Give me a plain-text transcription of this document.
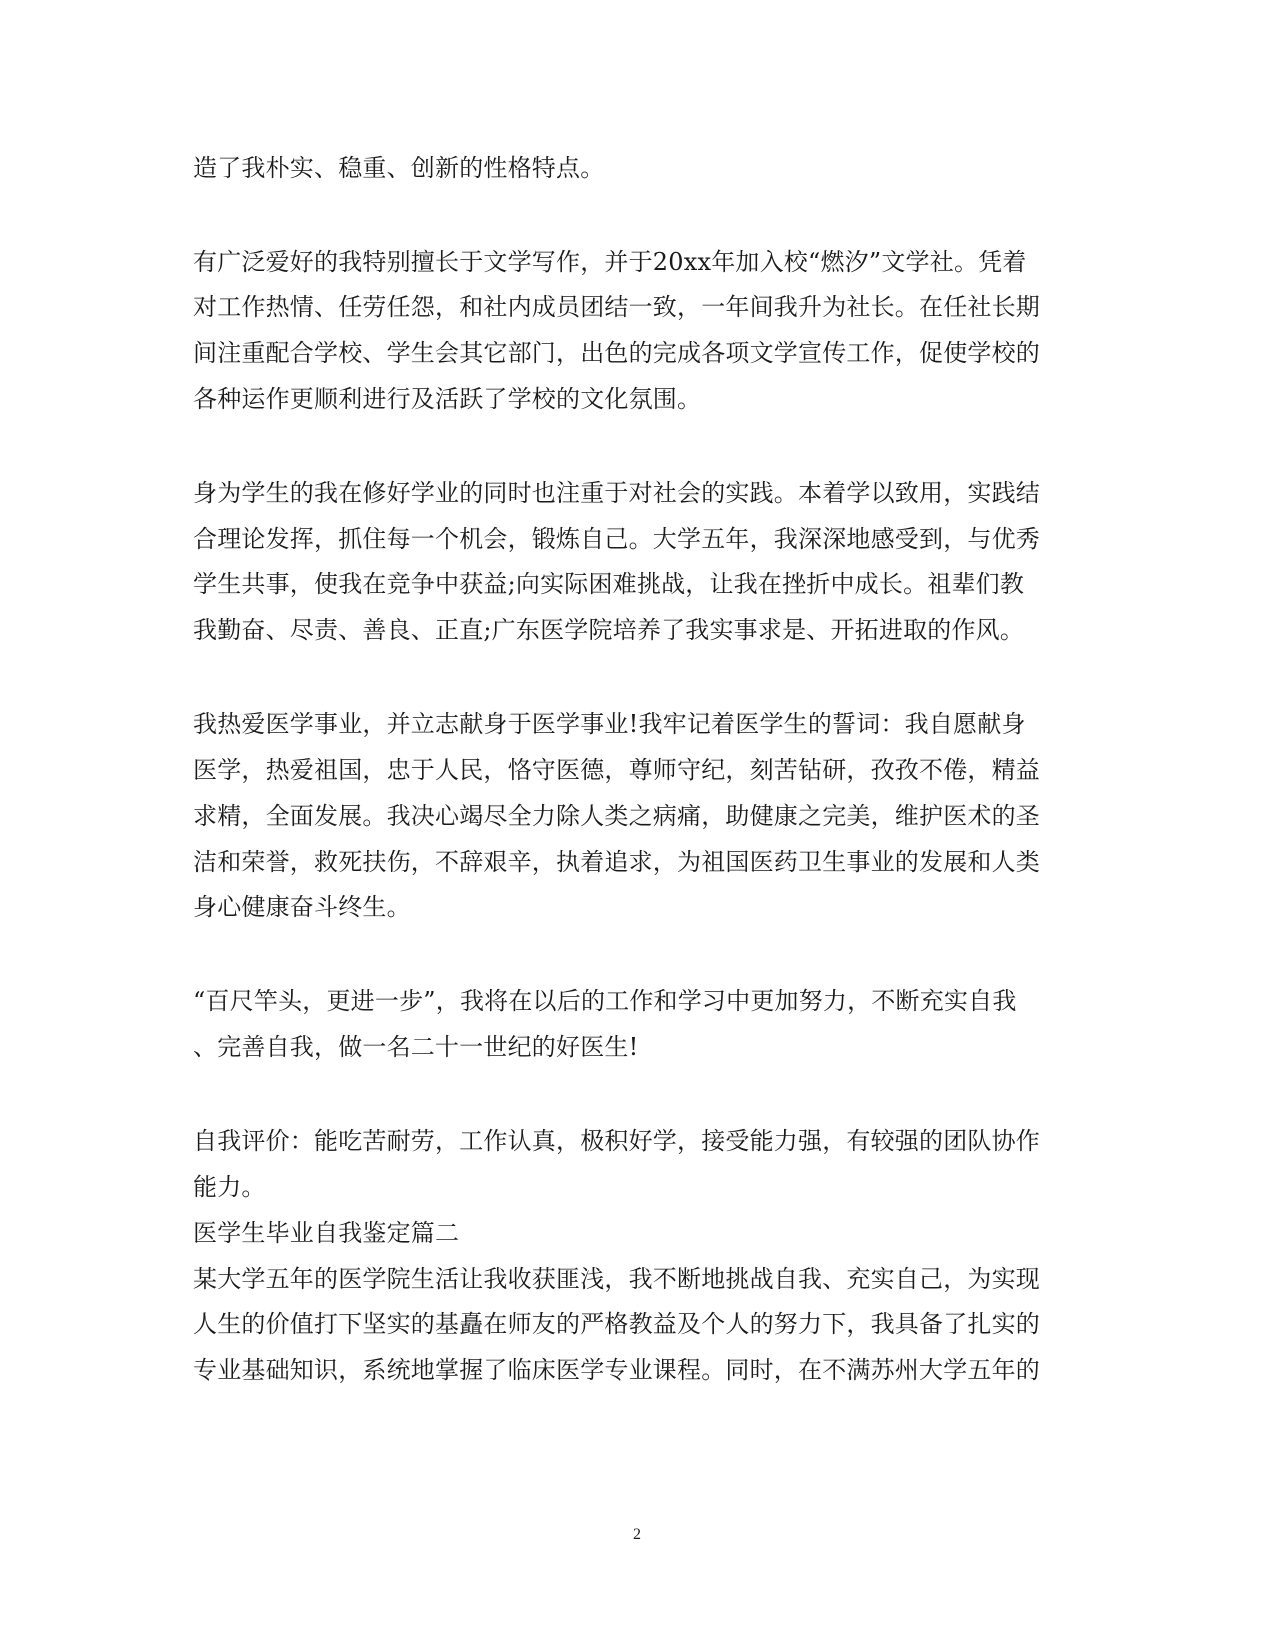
造了我朴实、稳重、创新的性格特点。
有广泛爱好的我特别擅长于文学写作，并于20xx年加入校“燃汐”文学社。凭着
对工作热情、任劳任怨，和社内成员团结一致，一年间我升为社长。在任社长期
间注重配合学校、学生会其它部门，出色的完成各项文学宣传工作，促使学校的
各种运作更顺利进行及活跃了学校的文化氛围。
身为学生的我在修好学业的同时也注重于对社会的实践。本着学以致用，实践结
合理论发挥，抓住每一个机会，锻炼自己。大学五年，我深深地感受到，与优秀
学生共事，使我在竞争中获益;向实际困难挑战，让我在挫折中成长。祖辈们教
我勤奋、尽责、善良、正直;广东医学院培养了我实事求是、开拓进取的作风。
我热爱医学事业，并立志献身于医学事业!我牢记着医学生的誓词：我自愿献身
医学，热爱祖国，忠于人民，恪守医德，尊师守纪，刻苦钻研，孜孜不倦，精益
求精，全面发展。我决心竭尽全力除人类之病痛，助健康之完美，维护医术的圣
洁和荣誉，救死扶伤，不辞艰辛，执着追求，为祖国医药卫生事业的发展和人类
身心健康奋斗终生。
“百尺竿头，更进一步”，我将在以后的工作和学习中更加努力，不断充实自我
、完善自我，做一名二十一世纪的好医生!
自我评价：能吃苦耐劳，工作认真，极积好学，接受能力强，有较强的团队协作
能力。
医学生毕业自我鉴定篇二
某大学五年的医学院生活让我收获匪浅，我不断地挑战自我、充实自己，为实现
人生的价值打下坚实的基矗在师友的严格教益及个人的努力下，我具备了扎实的
专业基础知识，系统地掌握了临床医学专业课程。同时，在不满苏州大学五年的
2
